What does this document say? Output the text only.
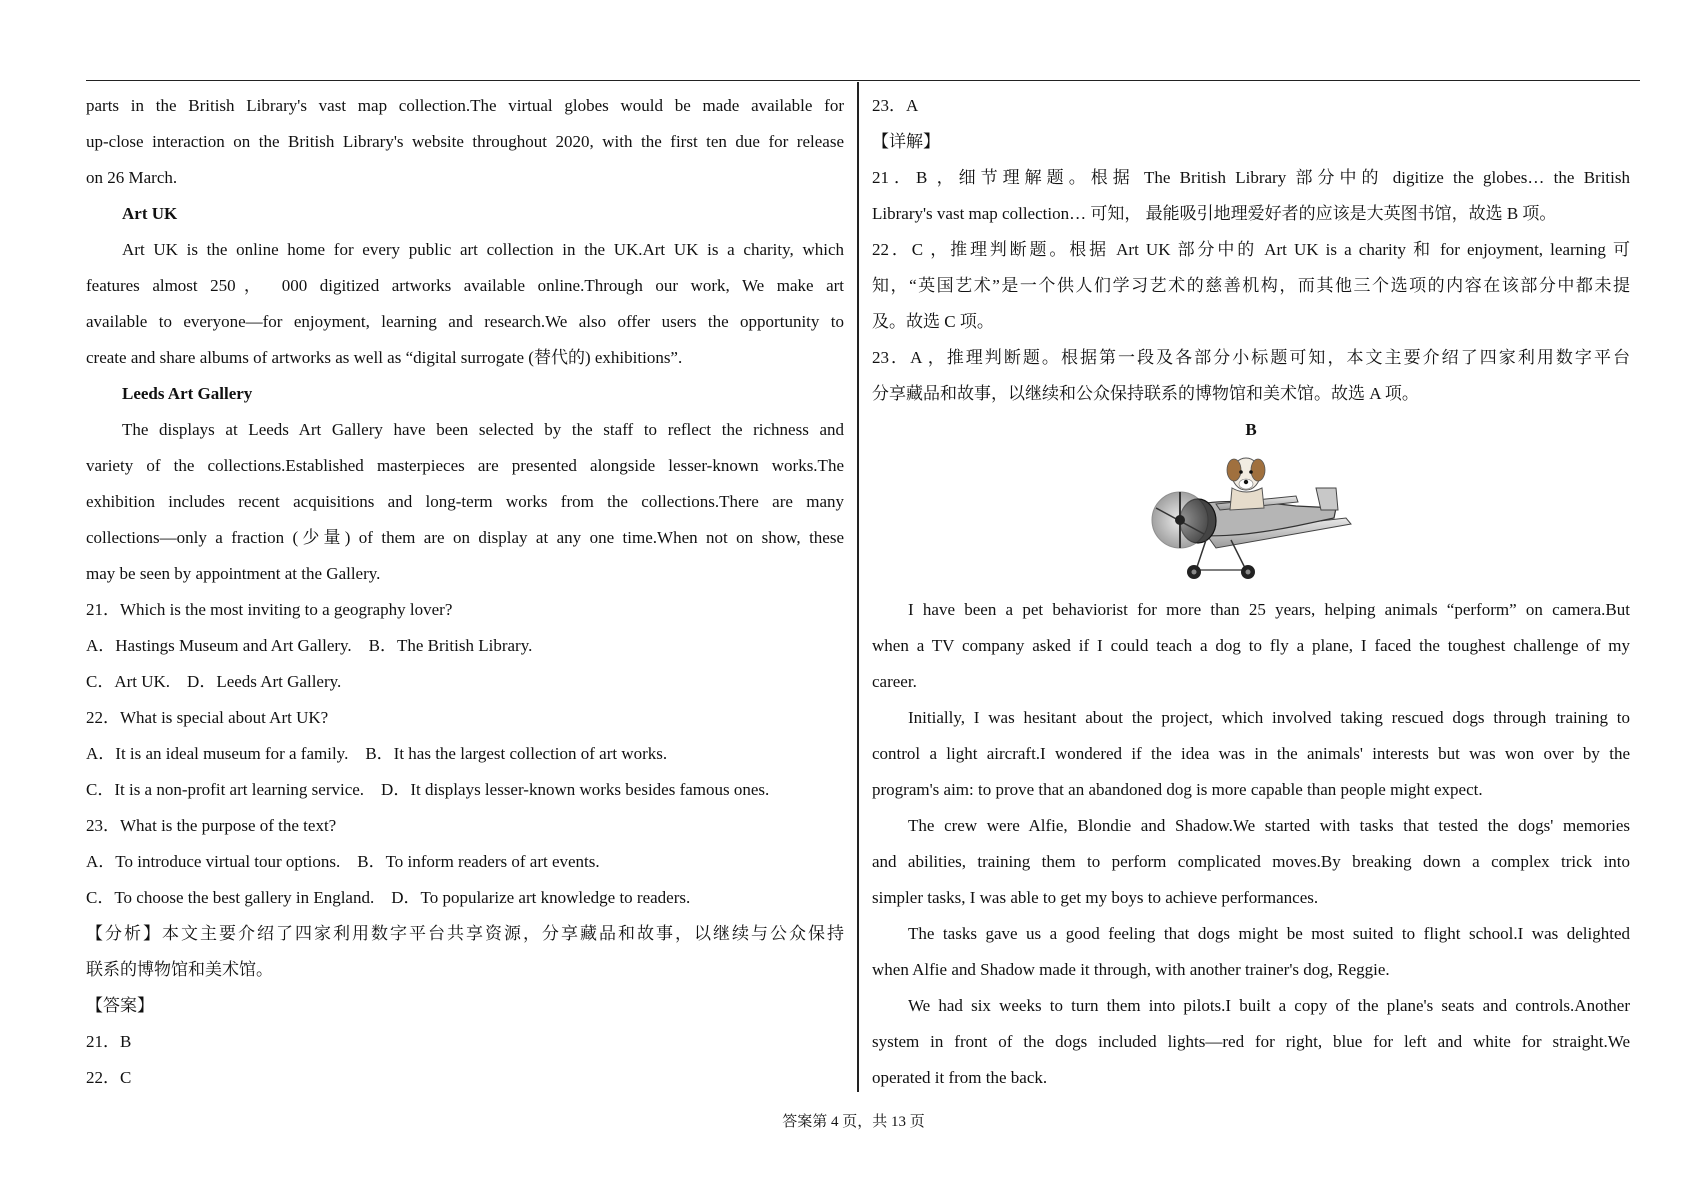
parts in the British Library's vast map collection.The virtual globes would be made available for
up-close interaction on the British Library's website throughout 2020, with the first ten due for release
on 26 March.
Art UK
Art UK is the online home for every public art collection in the UK.Art UK is a charity, which
features almost 250， 000 digitized artworks available online.Through our work, We make art
available to everyone—for enjoyment, learning and research.We also offer users the opportunity to
create and share albums of artworks as well as “digital surrogate (替代的) exhibitions”.
Leeds Art Gallery
The displays at Leeds Art Gallery have been selected by the staff to reflect the richness and
variety of the collections.Established masterpieces are presented alongside lesser-known works.The
exhibition includes recent acquisitions and long-term works from the collections.There are many
collections—only a fraction (少量) of them are on display at any one time.When not on show, these
may be seen by appointment at the Gallery.
21．Which is the most inviting to a geography lover?
A．Hastings Museum and Art Gallery.　B．The British Library.
C．Art UK.　D．Leeds Art Gallery.
22．What is special about Art UK?
A．It is an ideal museum for a family.　B．It has the largest collection of art works.
C．It is a non-profit art learning service.　D．It displays lesser-known works besides famous ones.
23．What is the purpose of the text?
A．To introduce virtual tour options.　B．To inform readers of art events.
C．To choose the best gallery in England.　D．To popularize art knowledge to readers.
【分析】本文主要介绍了四家利用数字平台共享资源，分享藏品和故事，以继续与公众保持
联系的博物馆和美术馆。
【答案】
21．B
22．C
23．A
【详解】
21．B ，细节理解题。根据 The British Library 部分中的 digitize the globes… the British
Library's vast map collection… 可知， 最能吸引地理爱好者的应该是大英图书馆，故选 B 项。
22．C ，推理判断题。根据 Art UK 部分中的 Art UK is a charity 和 for enjoyment, learning 可
知，“英国艺术”是一个供人们学习艺术的慈善机构，而其他三个选项的内容在该部分中都未提
及。故选 C 项。
23．A ，推理判断题。根据第一段及各部分小标题可知，本文主要介绍了四家利用数字平台
分享藏品和故事，以继续和公众保持联系的博物馆和美术馆。故选 A 项。
B
I have been a pet behaviorist for more than 25 years, helping animals “perform” on camera.But
when a TV company asked if I could teach a dog to fly a plane, I faced the toughest challenge of my
career.
Initially, I was hesitant about the project, which involved taking rescued dogs through training to
control a light aircraft.I wondered if the idea was in the animals' interests but was won over by the
program's aim: to prove that an abandoned dog is more capable than people might expect.
The crew were Alfie, Blondie and Shadow.We started with tasks that tested the dogs' memories
and abilities, training them to perform complicated moves.By breaking down a complex trick into
simpler tasks, I was able to get my boys to achieve performances.
The tasks gave us a good feeling that dogs might be most suited to flight school.I was delighted
when Alfie and Shadow made it through, with another trainer's dog, Reggie.
We had six weeks to turn them into pilots.I built a copy of the plane's seats and controls.Another
system in front of the dogs included lights—red for right, blue for left and white for straight.We
operated it from the back.
答案第 4 页，共 13 页
